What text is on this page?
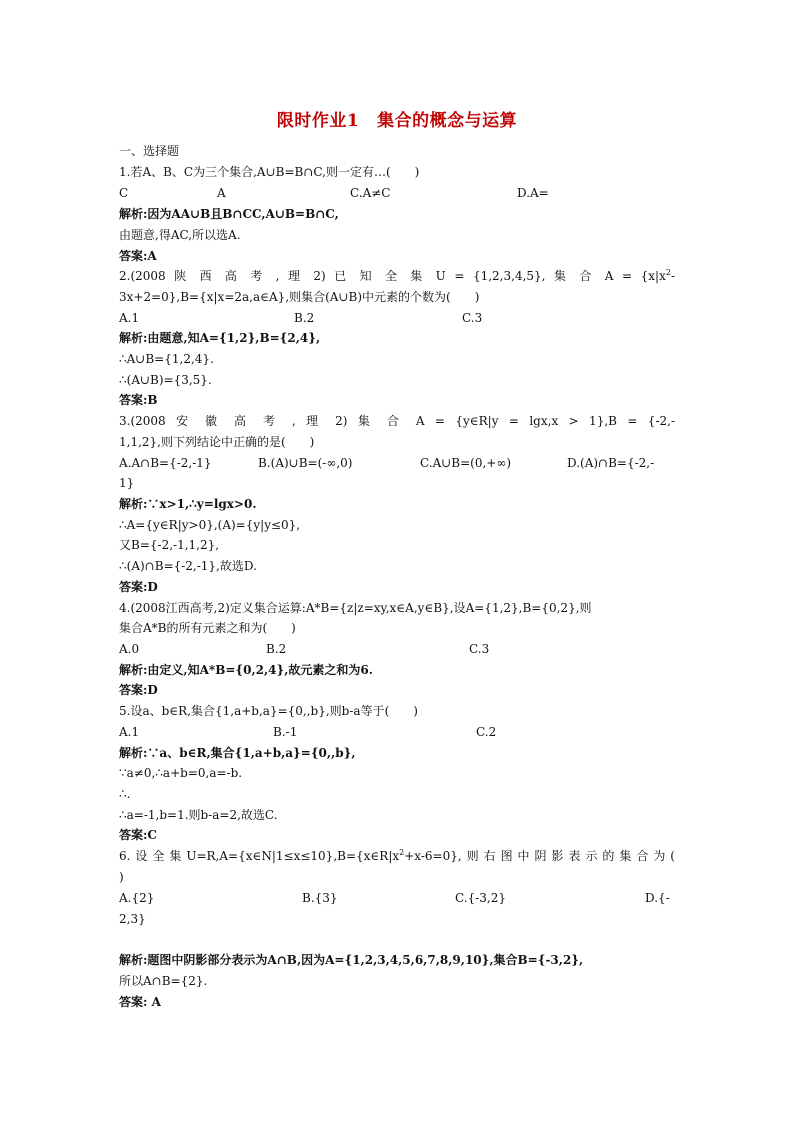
限时作业1 集合的概念与运算
一、选择题
1.若A、B、C为三个集合,A∪B=B∩C,则一定有…(　　)
C	A	C.A≠C	D.A=
解析:因为AA∪B且B∩CC,A∪B=B∩C,
由题意,得AC,所以选A.
答案:A
2.(2008 陕 西 高 考 , 理 2) 已 知 全 集 U = {1,2,3,4,5}, 集 合 $A = \{x|x^2-$
3x+2=0},B={x|x=2a,a∈A},则集合(A∪B)中元素的个数为(　　)
A.1	B.2	C.3
解析:由题意,知A={1,2},B={2,4},
∴A∪B={1,2,4}.
∴(A∪B)={3,5}.
答案:B
3.(2008 安 徽 高 考 , 理 2) 集 合 A = {y∈R|y = lgx,x > 1},B = {-2,-
1,1,2},则下列结论中正确的是(　　)
A.A∩B={-2,-1}	B.(A)∪B=(-∞,0)	C.A∪B=(0,+∞)	D.(A)∩B={-2,-
1}
解析:∵x>1,∴y=lgx>0.
∴A={y∈R|y>0},(A)={y|y≤0},
又B={-2,-1,1,2},
∴(A)∩B={-2,-1},故选D.
答案:D
4.(2008江西高考,2)定义集合运算:A*B={z|z=xy,x∈A,y∈B},设A={1,2},B={0,2},则
集合A*B的所有元素之和为(　　)
A.0	B.2	C.3
解析:由定义,知A*B={0,2,4},故元素之和为6.
答案:D
5.设a、b∈R,集合{1,a+b,a}={0,,b},则b-a等于(　　)
A.1	B.-1	C.2
解析:∵a、b∈R,集合{1,a+b,a}={0,,b},
∵a≠0,∴a+b=0,a=-b.
∴.
∴a=-1,b=1.则b-a=2,故选C.
答案:C
6.设全集$U=R,A=\{x\in N|1\le x\le 10\},B=\{x\in R|x^2+x-6=0\}$,则右图中阴影表示的集合为(
)
A.{2}	B.{3}	C.{-3,2}	D.{-
2,3}
解析:题图中阴影部分表示为A∩B,因为A={1,2,3,4,5,6,7,8,9,10},集合B={-3,2},
所以A∩B={2}.
答案: A
